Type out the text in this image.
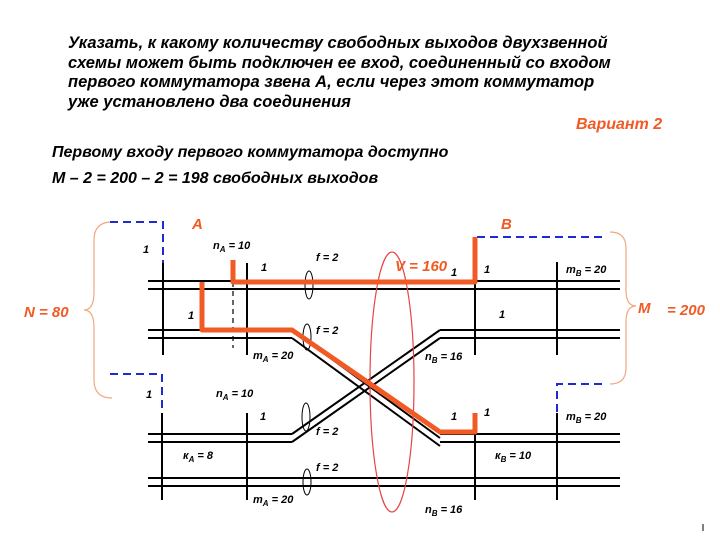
Указать, к какому количеству свободных выходов двухзвенной
схемы может быть подключен ее вход, соединенный со входом
первого коммутатора звена А, если через этот коммутатор
уже установлено два соединения
Вариант 2
Первому входу первого коммутатора доступно
M – 2 = 200 – 2 = 198 свободных выходов
A	B
N = 80	M = 200
V = 160
1
1
1
1 1
1
1
1	1 1
$n_A = 10$
$n_A = 10$
$m_A = 20$
$m_A = 20$
$n_B = 16$
$n_B = 16$
$m_B = 20$
$m_B = 20$
$к_A = 8$	$к_B = 10$
f = 2
f = 2
f = 2
f = 2
